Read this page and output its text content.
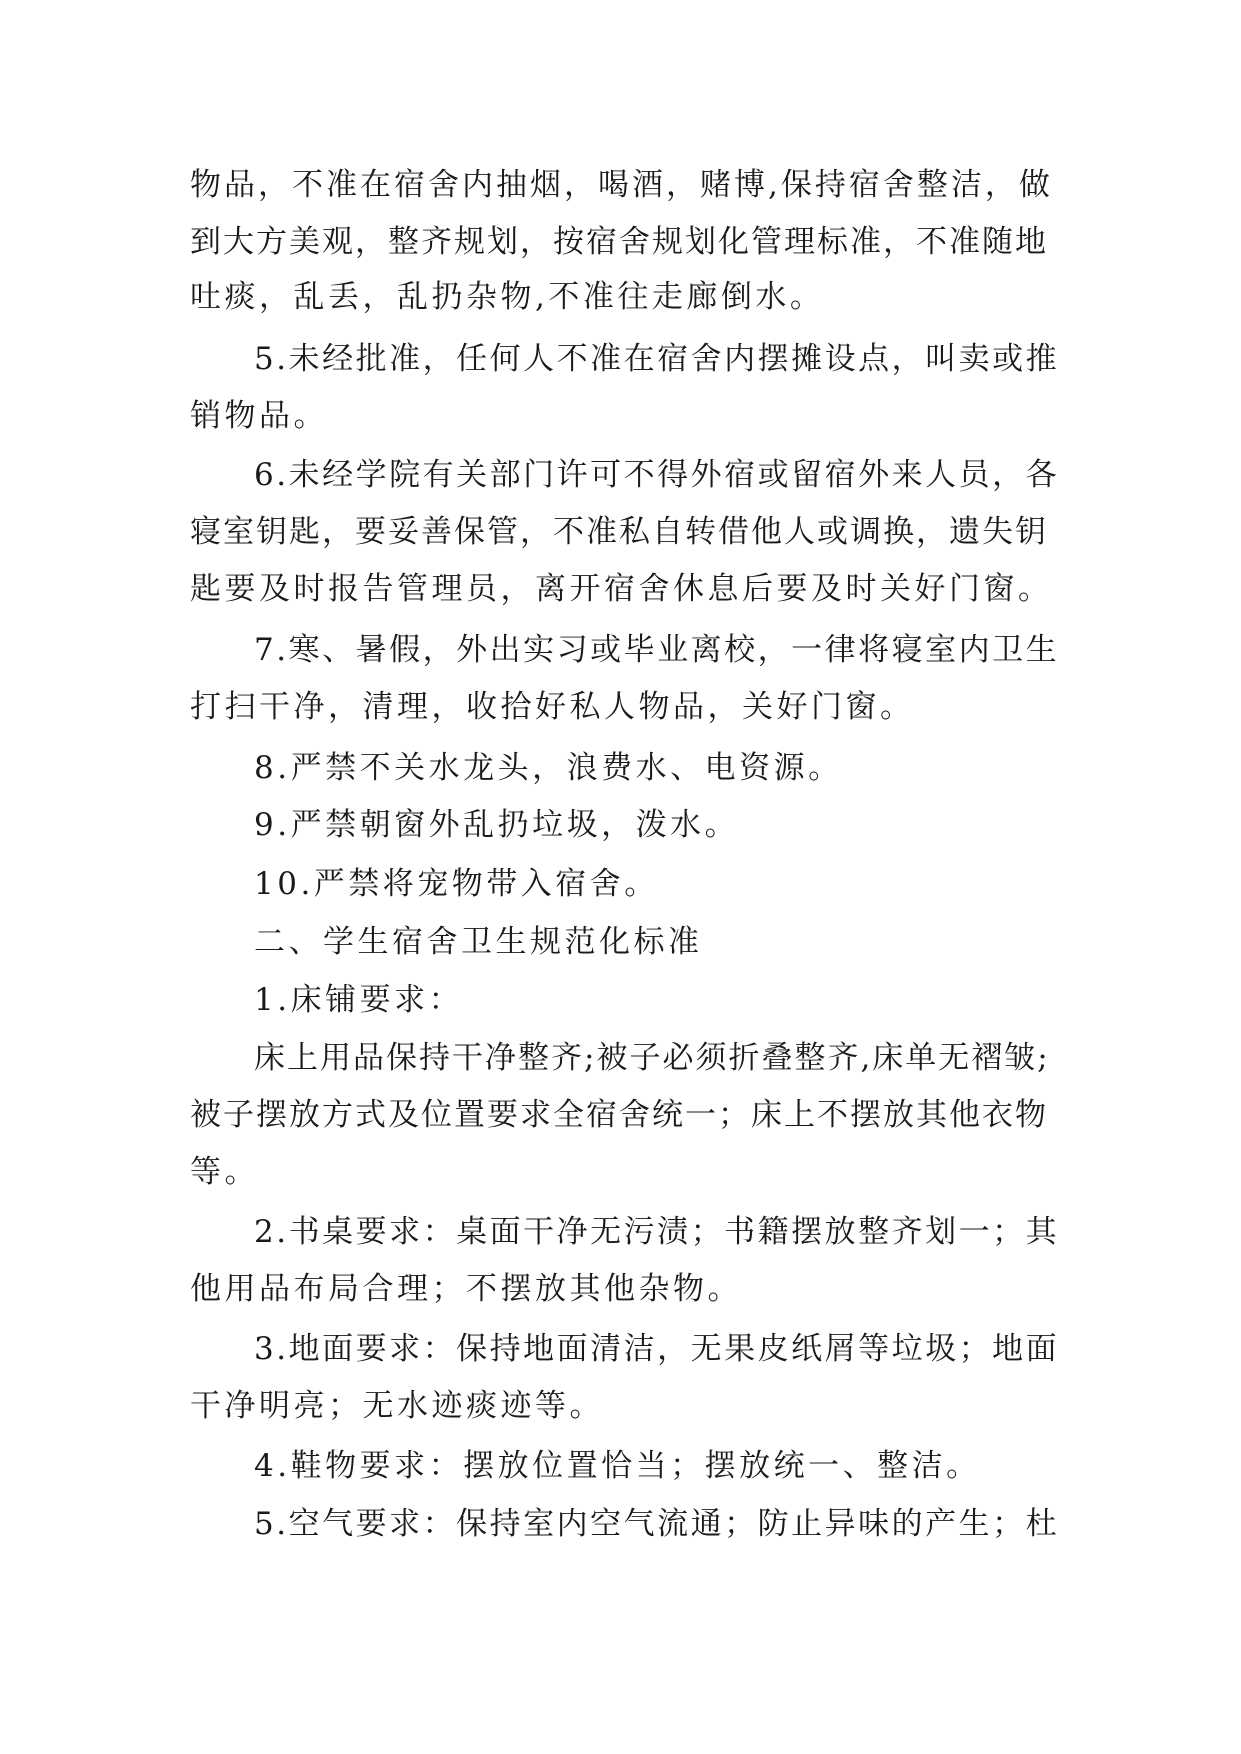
物品，不准在宿舍内抽烟，喝酒，赌博,保持宿舍整洁，做
到大方美观，整齐规划，按宿舍规划化管理标准，不准随地
吐痰，乱丢，乱扔杂物,不准往走廊倒水。
5.未经批准，任何人不准在宿舍内摆摊设点，叫卖或推
销物品。
6.未经学院有关部门许可不得外宿或留宿外来人员，各
寝室钥匙，要妥善保管，不准私自转借他人或调换，遗失钥
匙要及时报告管理员，离开宿舍休息后要及时关好门窗。
7.寒、暑假，外出实习或毕业离校，一律将寝室内卫生
打扫干净，清理，收拾好私人物品，关好门窗。
8.严禁不关水龙头，浪费水、电资源。
9.严禁朝窗外乱扔垃圾，泼水。
10.严禁将宠物带入宿舍。
二、学生宿舍卫生规范化标准
1.床铺要求：
床上用品保持干净整齐;被子必须折叠整齐,床单无褶皱;
被子摆放方式及位置要求全宿舍统一；床上不摆放其他衣物
等。
2.书桌要求：桌面干净无污渍；书籍摆放整齐划一；其
他用品布局合理；不摆放其他杂物。
3.地面要求：保持地面清洁，无果皮纸屑等垃圾；地面
干净明亮；无水迹痰迹等。
4.鞋物要求：摆放位置恰当；摆放统一、整洁。
5.空气要求：保持室内空气流通；防止异味的产生；杜
